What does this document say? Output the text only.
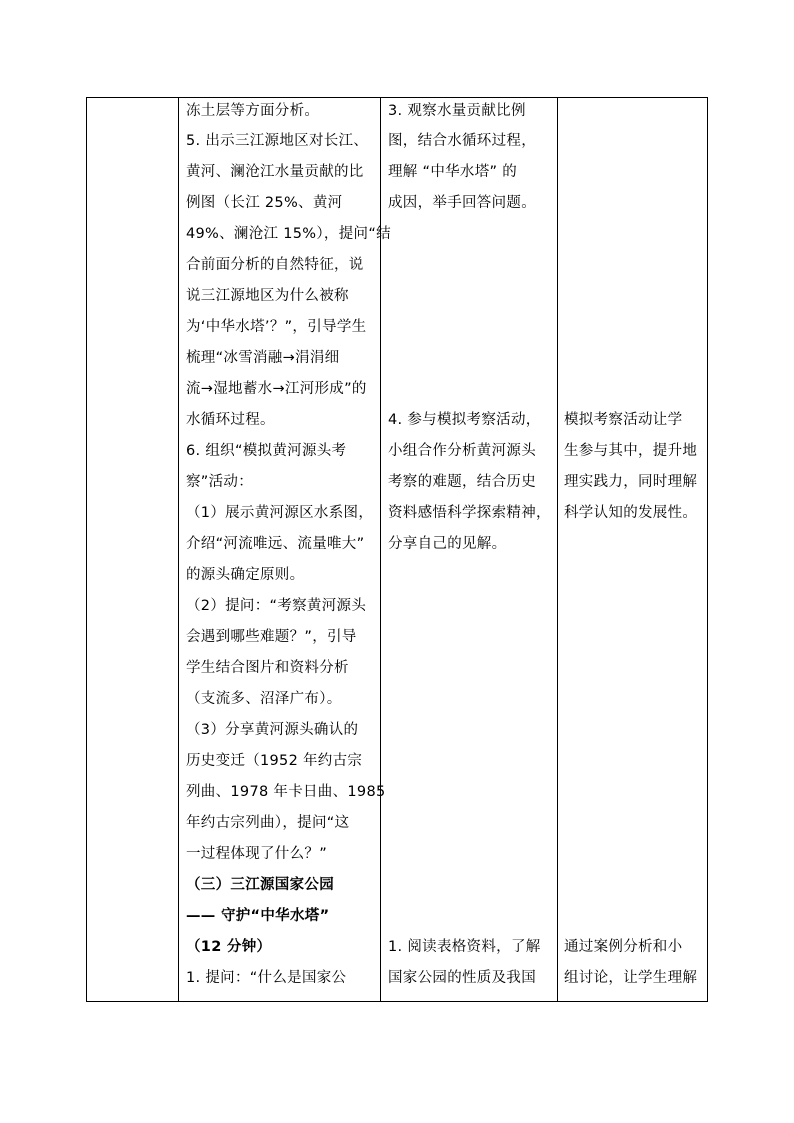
冻土层等方面分析。
5. 出示三江源地区对长江、
黄河、澜沧江水量贡献的比
例图（长江 25%、黄河
49%、澜沧江 15%），提问“结
合前面分析的自然特征，说
说三江源地区为什么被称
为‘中华水塔’？”，引导学生
梳理“冰雪消融→涓涓细
流→湿地蓄水→江河形成”的
水循环过程。
6. 组织“模拟黄河源头考
察”活动：
（1）展示黄河源区水系图，
介绍“河流唯远、流量唯大”
的源头确定原则。
（2）提问：“考察黄河源头
会遇到哪些难题？”，引导
学生结合图片和资料分析
（支流多、沼泽广布）。
（3）分享黄河源头确认的
历史变迁（1952 年约古宗
列曲、1978 年卡日曲、1985
年约古宗列曲），提问“这
一过程体现了什么？”
（三）三江源国家公园
—— 守护“中华水塔”
（12 分钟）
1. 提问：“什么是国家公
3. 观察水量贡献比例
图，结合水循环过程，
理解 “中华水塔” 的
成因，举手回答问题。
4. 参与模拟考察活动，
小组合作分析黄河源头
考察的难题，结合历史
资料感悟科学探索精神，
分享自己的见解。
1. 阅读表格资料，了解
国家公园的性质及我国
模拟考察活动让学
生参与其中，提升地
理实践力，同时理解
科学认知的发展性。
通过案例分析和小
组讨论，让学生理解
